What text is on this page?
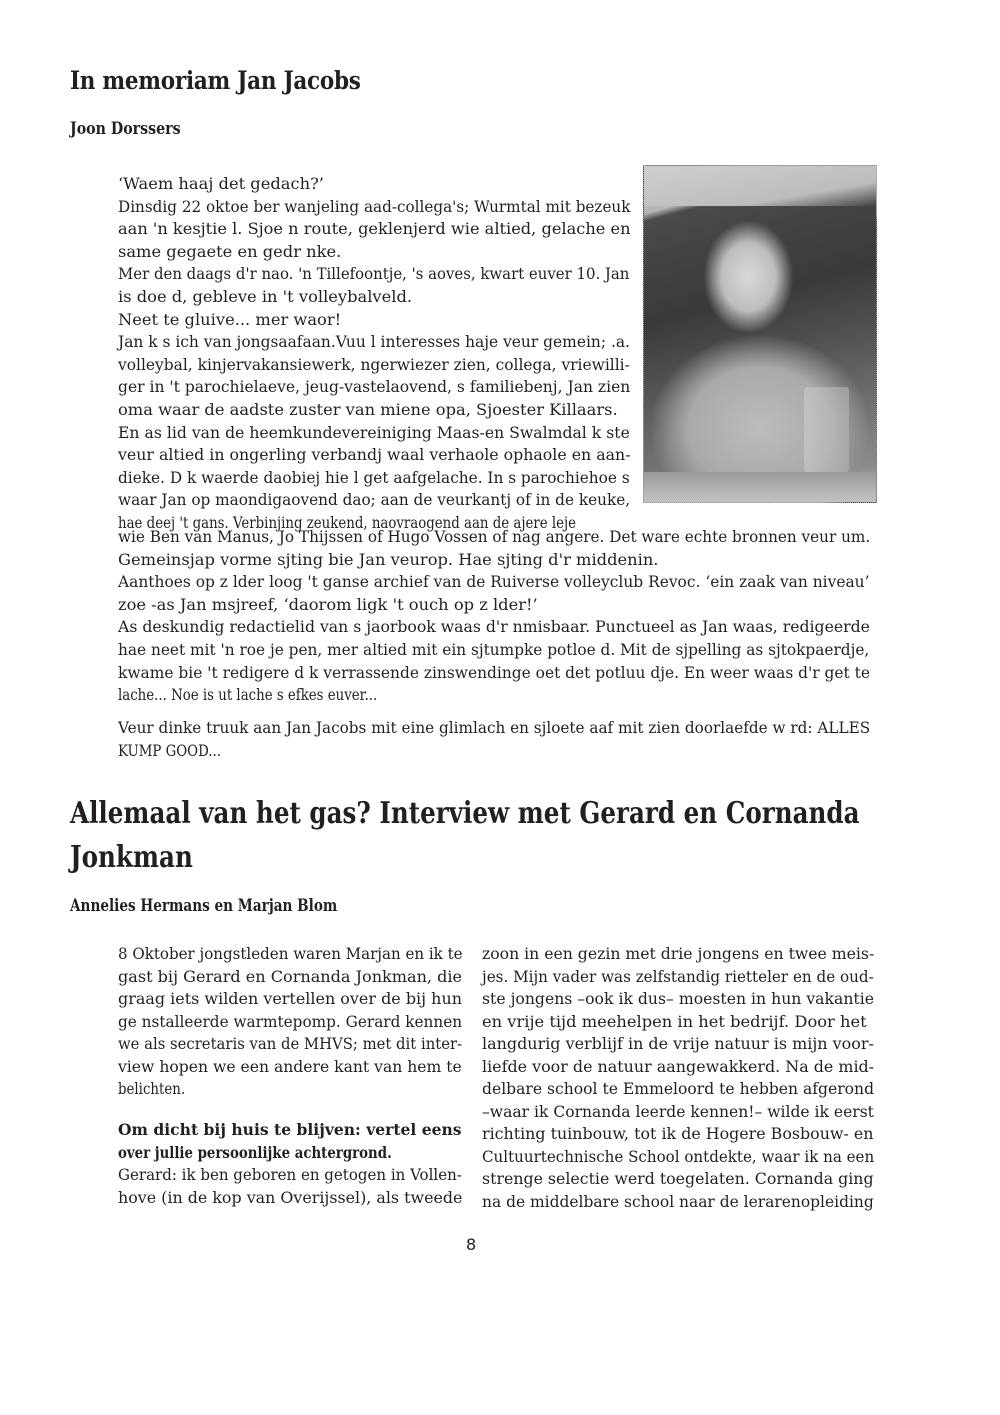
In memoriam Jan Jacobs
Joon Dorssers
‘Waem haaj det gedach?’
Dinsdig 22 oktoe ber wanjeling aad-collega's; Wurmtal mit bezeuk
aan 'n kesjtie l. Sjoe n route, geklenjerd wie altied, gelache en
same gegaete en gedr nke.
Mer den daags d'r nao. 'n Tillefoontje, 's aoves, kwart euver 10. Jan
is doe d, gebleve in 't volleybalveld.
Neet te gluive... mer waor!
Jan k s ich van jongsaafaan.Vuu l interesses haje veur gemein; .a.
volleybal, kinjervakansiewerk, ngerwiezer zien, collega, vriewilli-
ger in 't parochielaeve, jeug-vastelaovend, s familiebenj, Jan zien
oma waar de aadste zuster van miene opa, Sjoester Killaars.
En as lid van de heemkundevereiniging Maas-en Swalmdal k ste
veur altied in ongerling verbandj waal verhaole ophaole en aan-
dieke. D k waerde daobiej hie l get aafgelache. In s parochiehoe s
waar Jan op maondigaovend dao; aan de veurkantj of in de keuke,
hae deej 't gans. Verbinjing zeukend, naovraogend aan de ajere leje
wie Ben van Manus, Jo Thijssen of Hugo Vossen of nag angere. Det ware echte bronnen veur um.
Gemeinsjap vorme sjting bie Jan veurop. Hae sjting d'r middenin.
Aanthoes op z lder loog 't ganse archief van de Ruiverse volleyclub Revoc. ‘ein zaak van niveau’
zoe -as Jan msjreef, ‘daorom ligk 't ouch op z lder!’
As deskundig redactielid van s jaorbook waas d'r nmisbaar. Punctueel as Jan waas, redigeerde
hae neet mit 'n roe je pen, mer altied mit ein sjtumpke potloe d. Mit de sjpelling as sjtokpaerdje,
kwame bie 't redigere d k verrassende zinswendinge oet det potluu dje. En weer waas d'r get te
lache... Noe is ut lache s efkes euver...
Veur dinke truuk aan Jan Jacobs mit eine glimlach en sjloete aaf mit zien doorlaefde w rd: ALLES
KUMP GOOD...
Allemaal van het gas? Interview met Gerard en Cornanda
Jonkman
Annelies Hermans en Marjan Blom
8 Oktober jongstleden waren Marjan en ik te
gast bij Gerard en Cornanda Jonkman, die
graag iets wilden vertellen over de bij hun
ge nstalleerde warmtepomp. Gerard kennen
we als secretaris van de MHVS; met dit inter-
view hopen we een andere kant van hem te
belichten.
Om dicht bij huis te blijven: vertel eens
over jullie persoonlijke achtergrond.
Gerard: ik ben geboren en getogen in Vollen-
hove (in de kop van Overijssel), als tweede
zoon in een gezin met drie jongens en twee meis-
jes. Mijn vader was zelfstandig rietteler en de oud-
ste jongens –ook ik dus– moesten in hun vakantie
en vrije tijd meehelpen in het bedrijf. Door het
langdurig verblijf in de vrije natuur is mijn voor-
liefde voor de natuur aangewakkerd. Na de mid-
delbare school te Emmeloord te hebben afgerond
–waar ik Cornanda leerde kennen!– wilde ik eerst
richting tuinbouw, tot ik de Hogere Bosbouw- en
Cultuurtechnische School ontdekte, waar ik na een
strenge selectie werd toegelaten. Cornanda ging
na de middelbare school naar de lerarenopleiding
8
